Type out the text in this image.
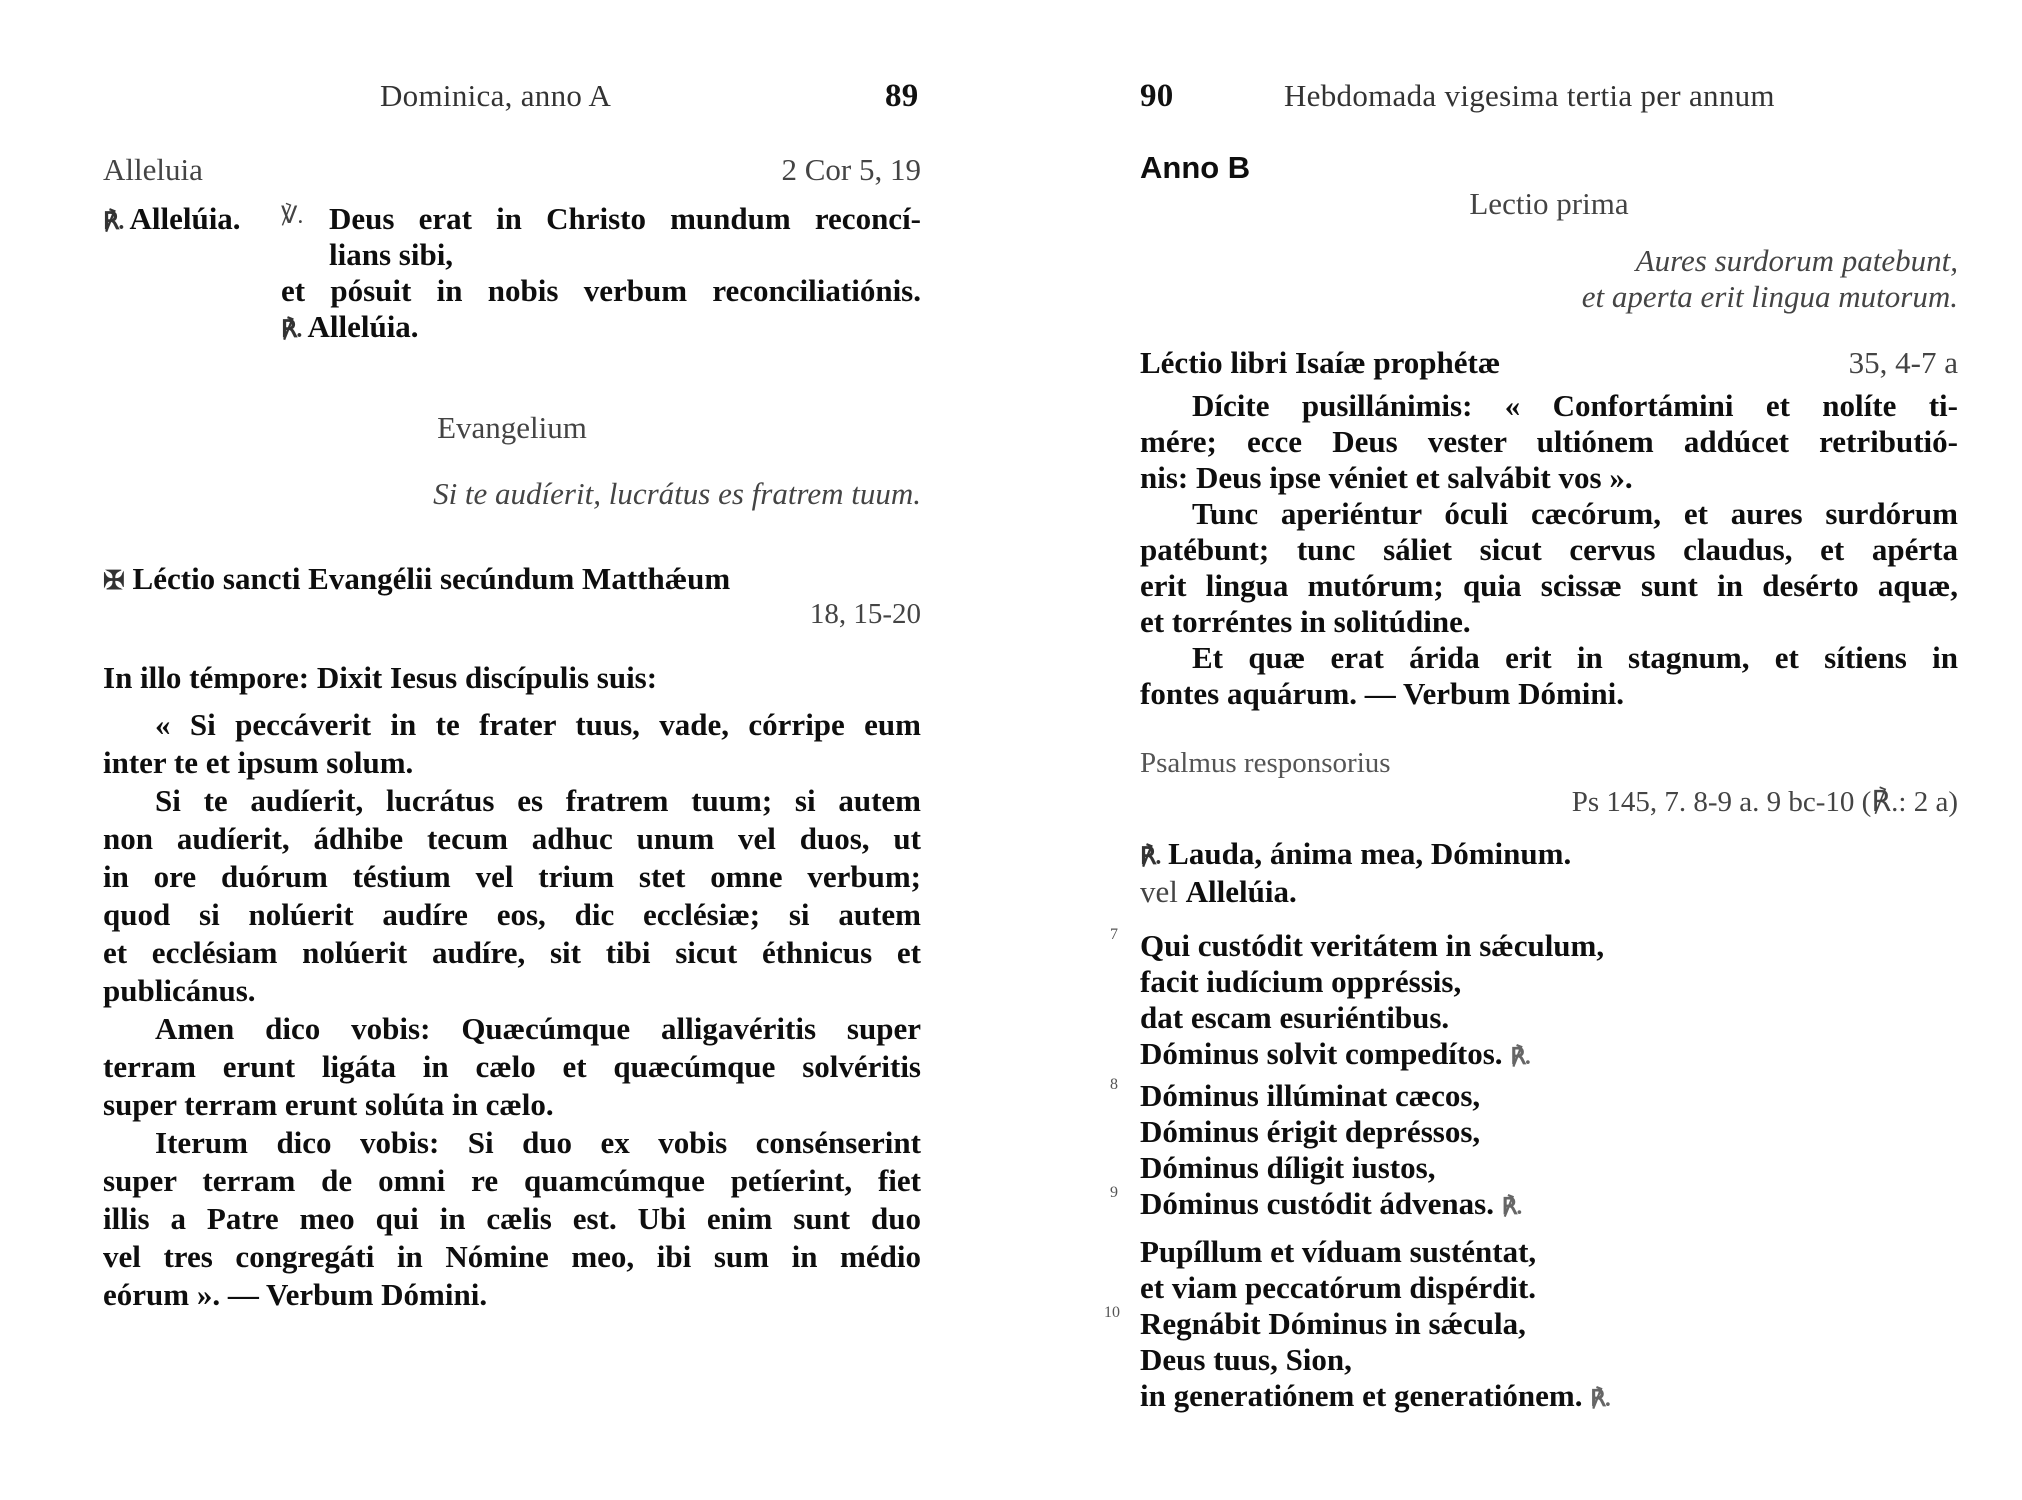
Dominica, anno A	89
Alleluia	2 Cor 5, 19
℟. Allelúia. ℣. Deus erat in Christo mundum reconcí-
lians sibi,
et pósuit in nobis verbum reconciliatiónis.
℟. Allelúia.
Evangelium
Si te audíerit, lucrátus es fratrem tuum.
✠ Léctio sancti Evangélii secúndum Matthǽum
18, 15-20
In illo témpore: Dixit Iesus discípulis suis:
« Si peccáverit in te frater tuus, vade, córripe eum
inter te et ipsum solum.
Si te audíerit, lucrátus es fratrem tuum; si autem
non audíerit, ádhibe tecum adhuc unum vel duos, ut
in ore duórum téstium vel trium stet omne verbum;
quod si nolúerit audíre eos, dic ecclésiæ; si autem
et ecclésiam nolúerit audíre, sit tibi sicut éthnicus et
publicánus.
Amen dico vobis: Quæcúmque alligavéritis super
terram erunt ligáta in cælo et quæcúmque solvéritis
super terram erunt solúta in cælo.
Iterum dico vobis: Si duo ex vobis consénserint
super terram de omni re quamcúmque petíerint, fiet
illis a Patre meo qui in cælis est. Ubi enim sunt duo
vel tres congregáti in Nómine meo, ibi sum in médio
eórum ». — Verbum Dómini.
90	Hebdomada vigesima tertia per annum
Anno B
Lectio prima
Aures surdorum patebunt,
et aperta erit lingua mutorum.
Léctio libri Isaíæ prophétæ	35, 4-7 a
Dícite pusillánimis: « Confortámini et nolíte ti-
mére; ecce Deus vester ultiónem addúcet retributió-
nis: Deus ipse véniet et salvábit vos ».
Tunc aperiéntur óculi cæcórum, et aures surdórum
patébunt; tunc sáliet sicut cervus claudus, et apérta
erit lingua mutórum; quia scissæ sunt in desérto aquæ,
et torréntes in solitúdine.
Et quæ erat árida erit in stagnum, et sítiens in
fontes aquárum. — Verbum Dómini.
Psalmus responsorius
Ps 145, 7. 8-9 a. 9 bc-10 (℟.: 2 a)
℟. Lauda, ánima mea, Dóminum.
vel Allelúia.
7 Qui custódit veritátem in sǽculum,
facit iudícium oppréssis,
dat escam esuriéntibus.
Dóminus solvit compedítos. ℟.
8 Dóminus illúminat cæcos,
Dóminus érigit depréssos,
Dóminus díligit iustos,
9 Dóminus custódit ádvenas. ℟.
Pupíllum et víduam susténtat,
et viam peccatórum dispérdit.
10 Regnábit Dóminus in sǽcula,
Deus tuus, Sion,
in generatiónem et generatiónem. ℟.
